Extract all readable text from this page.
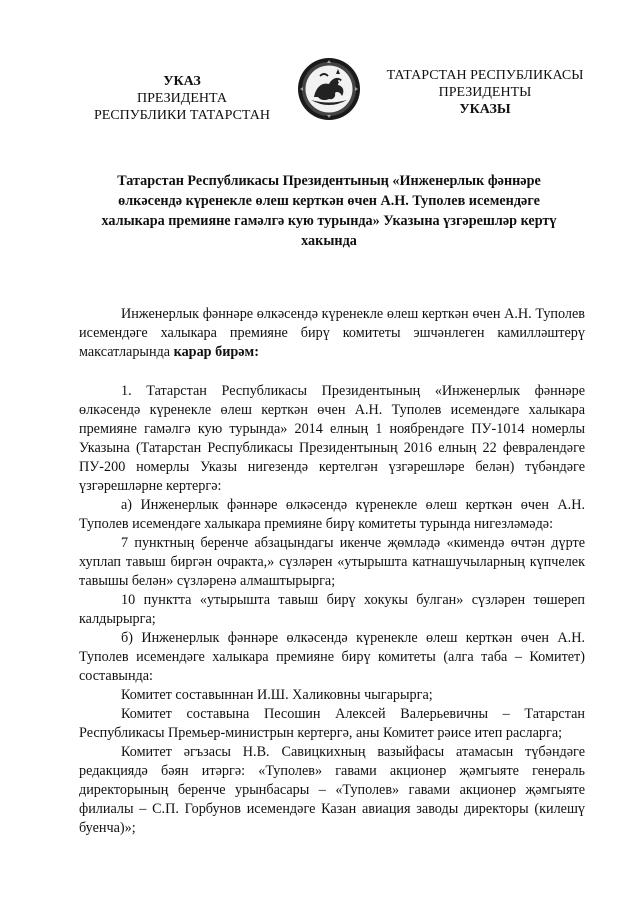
УКАЗ
ПРЕЗИДЕНТА
РЕСПУБЛИКИ ТАТАРСТАН
ТАТАРСТАН РЕСПУБЛИКАСЫ
ПРЕЗИДЕНТЫ
УКАЗЫ
Татарстан Республикасы Президентының «Инженерлык фәннәре өлкәсендә күренекле өлеш керткән өчен А.Н. Туполев исемендәге халыкара премияне гамәлгә кую турында» Указына үзгәрешләр кертү хакында

Инженерлык фәннәре өлкәсендә күренекле өлеш керткән өчен А.Н. Туполев исемендәге халыкара премияне бирү комитеты эшчәнлеген камилләштерү максатларында карар бирәм:

1. Татарстан Республикасы Президентының «Инженерлык фәннәре өлкәсендә күренекле өлеш керткән өчен А.Н. Туполев исемендәге халыкара премияне гамәлгә кую турында» 2014 елның 1 ноябрендәге ПУ-1014 номерлы Указына (Татарстан Республикасы Президентының 2016 елның 22 февралендәге ПУ-200 номерлы Указы нигезендә кертелгән үзгәрешләре белән) түбәндәге үзгәрешләрне кертергә:

а) Инженерлык фәннәре өлкәсендә күренекле өлеш керткән өчен А.Н. Туполев исемендәге халыкара премияне бирү комитеты турында нигезләмәдә:

7 пунктның беренче абзацындагы икенче җөмләдә «кимендә өчтән дүрте хуплап тавыш биргән очракта,» сүзләрен «утырышта катнашучыларның күпчелек тавышы белән» сүзләренә алмаштырырга;

10 пунктта «утырышта тавыш бирү хокукы булган» сүзләрен төшереп калдырырга;

б) Инженерлык фәннәре өлкәсендә күренекле өлеш керткән өчен А.Н. Туполев исемендәге халыкара премияне бирү комитеты (алга таба – Комитет) составында:

Комитет составыннан И.Ш. Халиковны чыгарырга;

Комитет составына Песошин Алексей Валерьевичны – Татарстан Республикасы Премьер-министрын кертергә, аны Комитет рәисе итеп расларга;

Комитет әгъзасы Н.В. Савицкихның вазыйфасы атамасын түбәндәге редакциядә бәян итәргә: «Туполев» гавами акционер җәмгыяте генераль директорының беренче урынбасары – «Туполев» гавами акционер җәмгыяте филиалы – С.П. Горбунов исемендәге Казан авиация заводы директоры (килешү буенча)»;
